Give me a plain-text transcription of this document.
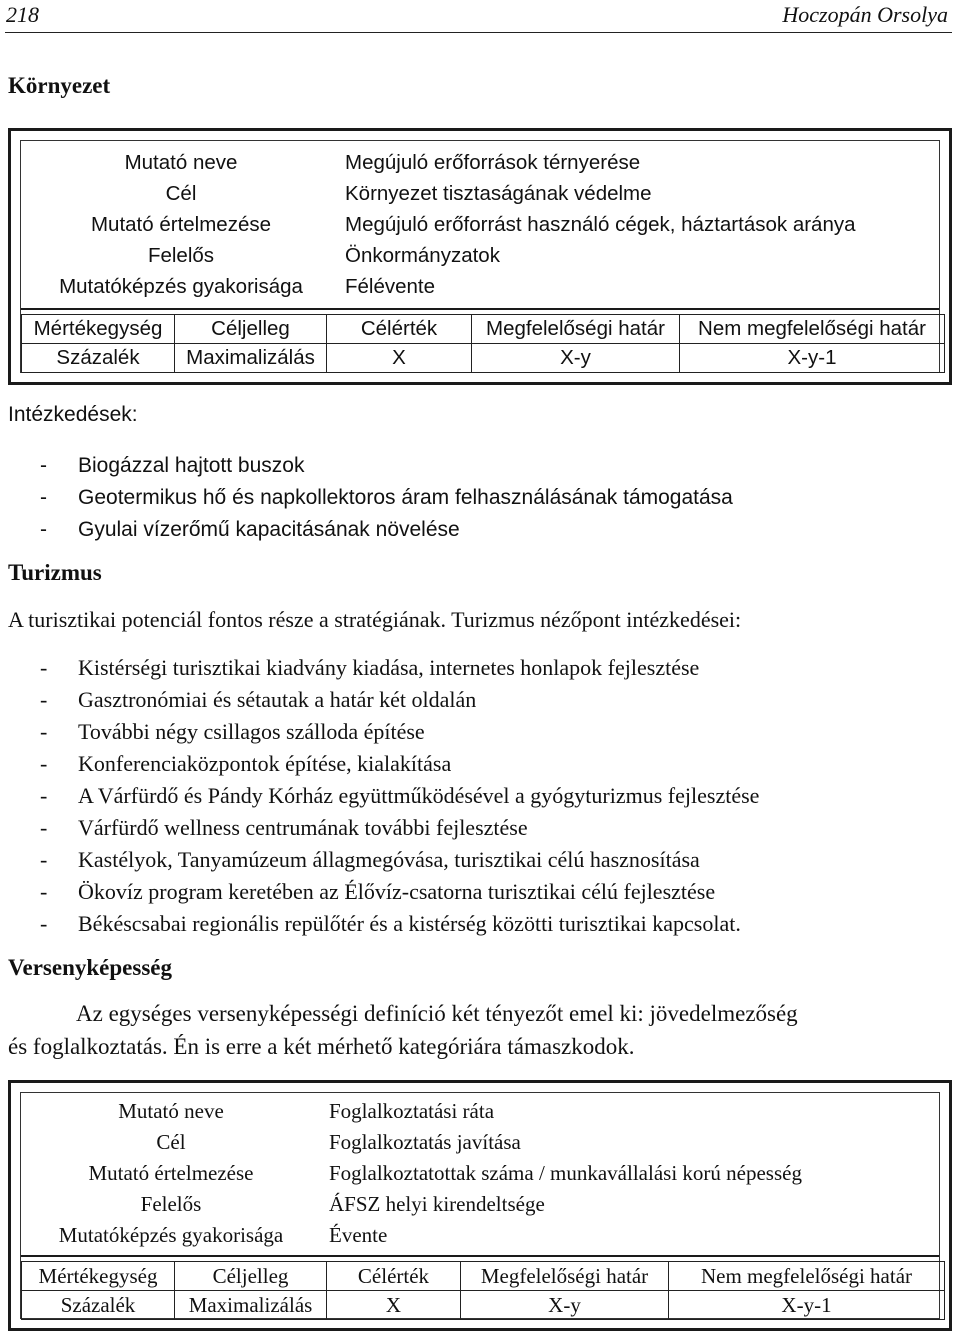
218	Hoczopán Orsolya
Környezet
Mutató neve	Megújuló erőforrások térnyerése
Cél	Környezet tisztaságának védelme
Mutató értelmezése	Megújuló erőforrást használó cégek, háztartások aránya
Felelős	Önkormányzatok
Mutatóképzés gyakorisága	Félévente
Mértékegység	Céljelleg	Célérték	Megfelelőségi határ	Nem megfelelőségi határ
Százalék	Maximalizálás	X	X-y	X-y-1
Intézkedések:
- Biogázzal hajtott buszok
- Geotermikus hő és napkollektoros áram felhasználásának támogatása
- Gyulai vízerőmű kapacitásának növelése
Turizmus
A turisztikai potenciál fontos része a stratégiának. Turizmus nézőpont intézkedései:
- Kistérségi turisztikai kiadvány kiadása, internetes honlapok fejlesztése
- Gasztronómiai és sétautak a határ két oldalán
- További négy csillagos szálloda építése
- Konferenciaközpontok építése, kialakítása
- A Várfürdő és Pándy Kórház együttműködésével a gyógyturizmus fejlesztése
- Várfürdő wellness centrumának további fejlesztése
- Kastélyok, Tanyamúzeum állagmegóvása, turisztikai célú hasznosítása
- Ökovíz program keretében az Élővíz-csatorna turisztikai célú fejlesztése
- Békéscsabai regionális repülőtér és a kistérség közötti turisztikai kapcsolat.
Versenyképesség
Az egységes versenyképességi definíció két tényezőt emel ki: jövedelmezőség
és foglalkoztatás. Én is erre a két mérhető kategóriára támaszkodok.
Mutató neve	Foglalkoztatási ráta
Cél	Foglalkoztatás javítása
Mutató értelmezése	Foglalkoztatottak száma / munkavállalási korú népesség
Felelős	ÁFSZ helyi kirendeltsége
Mutatóképzés gyakorisága	Évente
Mértékegység	Céljelleg	Célérték	Megfelelőségi határ	Nem megfelelőségi határ
Százalék	Maximalizálás	X	X-y	X-y-1
